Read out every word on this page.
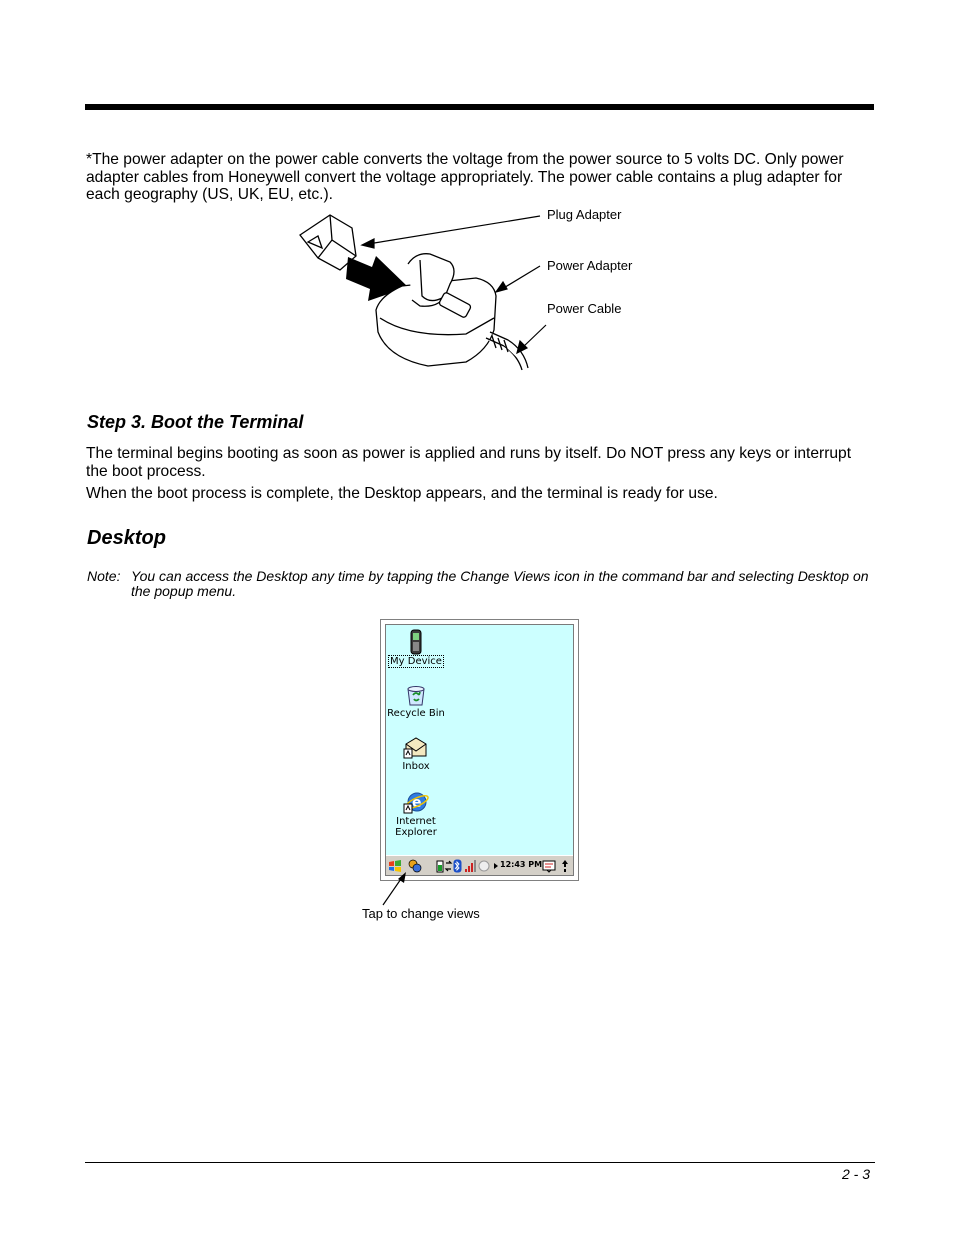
*The power adapter on the power cable converts the voltage from the power source to 5 volts DC. Only power adapter cables from Honeywell convert the voltage appropriately. The power cable contains a plug adapter for each geography (US, UK, EU, etc.).

Plug Adapter
Power Adapter
Power Cable
Step 3. Boot the Terminal

The terminal begins booting as soon as power is applied and runs by itself. Do NOT press any keys or interrupt the boot process.

When the boot process is complete, the Desktop appears, and the terminal is ready for use.

Desktop
Note: You can access the Desktop any time by tapping the Change Views icon in the command bar and selecting Desktop on the popup menu.
My Device
Recycle Bin
Inbox
e
Internet
Explorer
12:43 PM
Tap to change views
2 - 3
